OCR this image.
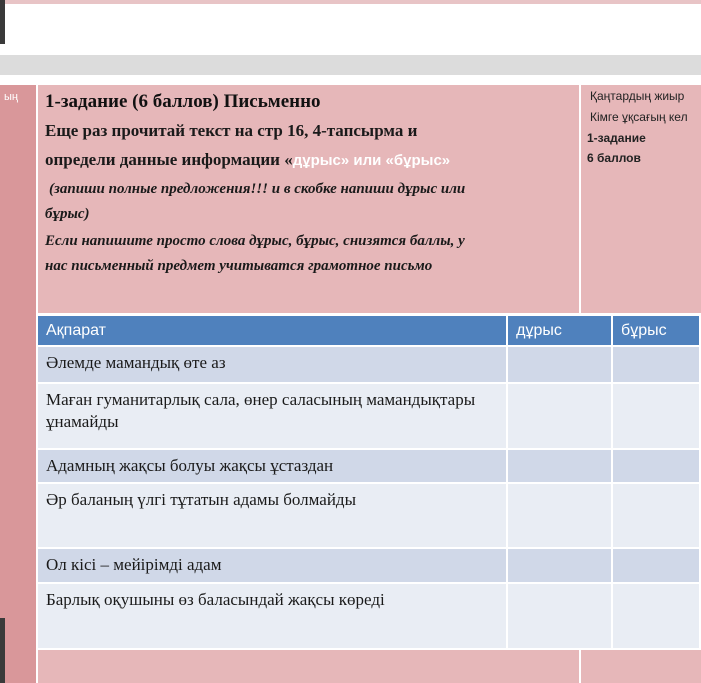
ың 1-задание (6 баллов) Письменно
Еще раз прочитай текст на стр 16, 4-тапсырма и
определи данные информации «дұрыс» или «бұрыс»
(запиши полные предложения!!! и в скобке напиши дұрыс или
бұрыс)
Если напишите просто слова дұрыс, бұрыс, снизятся баллы, у
нас письменный предмет учитыватся грамотное письмо
Қаңтардың жиыр
Кімге ұқсағың кел
1-задание
6 баллов
Ақпарат	дұрыс	бұрыс
Әлемде мамандық өте аз		
Маған гуманитарлық сала, өнер саласының мамандықтары ұнамайды		
Адамның жақсы болуы жақсы ұстаздан		
Әр баланың үлгі тұтатын адамы болмайды		
Ол кісі – мейірімді адам		
Барлық оқушыны өз баласындай жақсы көреді		
